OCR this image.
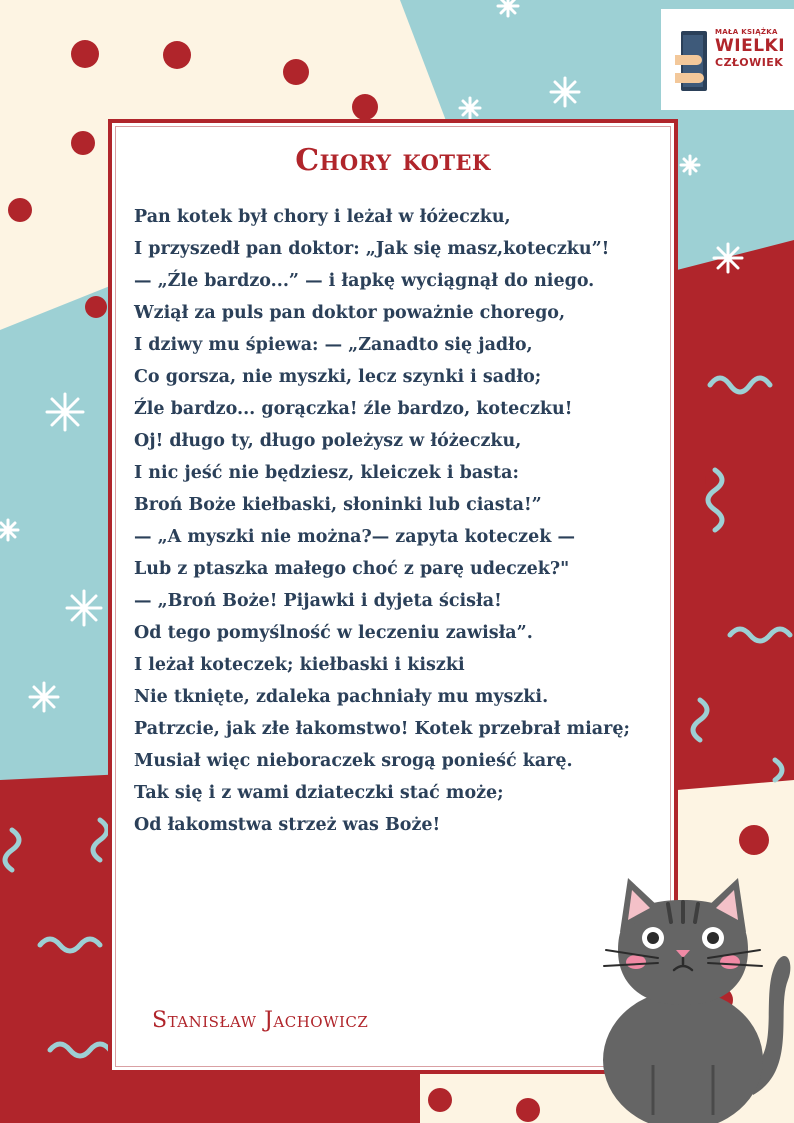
MAŁA KSIĄŻKA
WIELKI
CZŁOWIEK
Chory kotek
Pan kotek był chory i leżał w łóżeczku,
I przyszedł pan doktor: „Jak się masz,koteczku”!
— „Źle bardzo...” — i łapkę wyciągnął do niego.
Wziął za puls pan doktor poważnie chorego,
I dziwy mu śpiewa: — „Zanadto się jadło,
Co gorsza, nie myszki, lecz szynki i sadło;
Źle bardzo... gorączka! źle bardzo, koteczku!
Oj! długo ty, długo poleżysz w łóżeczku,
I nic jeść nie będziesz, kleiczek i basta:
Broń Boże kiełbaski, słoninki lub ciasta!”
— „A myszki nie można?— zapyta koteczek —
Lub z ptaszka małego choć z parę udeczek?"
— „Broń Boże! Pijawki i dyjeta ścisła!
Od tego pomyślność w leczeniu zawisła”.
I leżał koteczek; kiełbaski i kiszki
Nie tknięte, zdaleka pachniały mu myszki.
Patrzcie, jak złe łakomstwo! Kotek przebrał miarę;
Musiał więc nieboraczek srogą ponieść karę.
Tak się i z wami dziateczki stać może;
Od łakomstwa strzeż was Boże!
Stanisław Jachowicz
